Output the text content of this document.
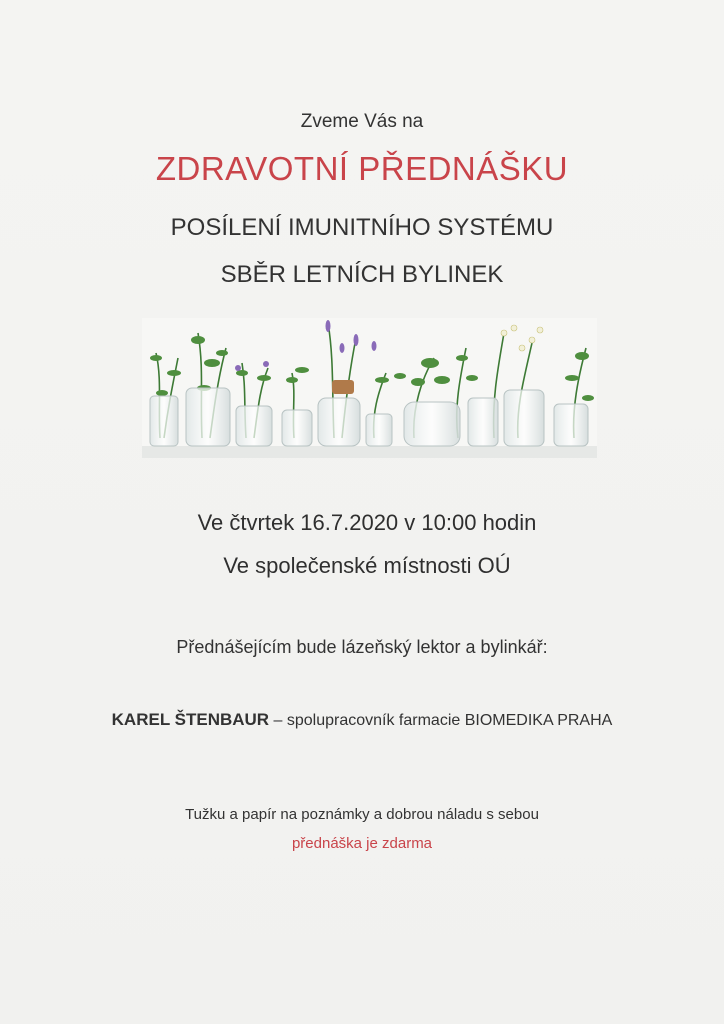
Zveme Vás na
ZDRAVOTNÍ PŘEDNÁŠKU
POSÍLENÍ IMUNITNÍHO SYSTÉMU
SBĚR LETNÍCH BYLINEK
Ve čtvrtek 16.7.2020 v 10:00 hodin
Ve společenské místnosti OÚ
Přednášejícím bude lázeňský lektor a bylinkář:
KAREL ŠTENBAUR – spolupracovník farmacie BIOMEDIKA PRAHA
Tužku a papír na poznámky a dobrou náladu s sebou
přednáška je zdarma
